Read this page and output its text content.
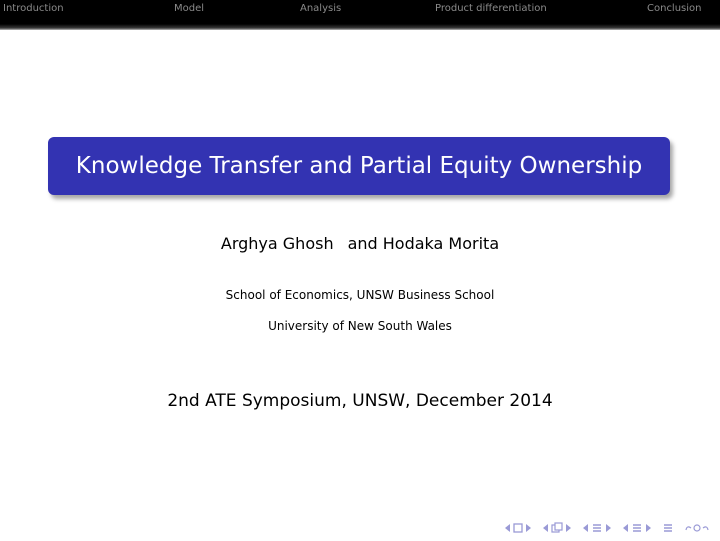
Introduction	Model	Analysis	Product differentiation	Conclusion
Knowledge Transfer and Partial Equity Ownership
Arghya Ghosh and Hodaka Morita
School of Economics, UNSW Business School
University of New South Wales
2nd ATE Symposium, UNSW, December 2014
